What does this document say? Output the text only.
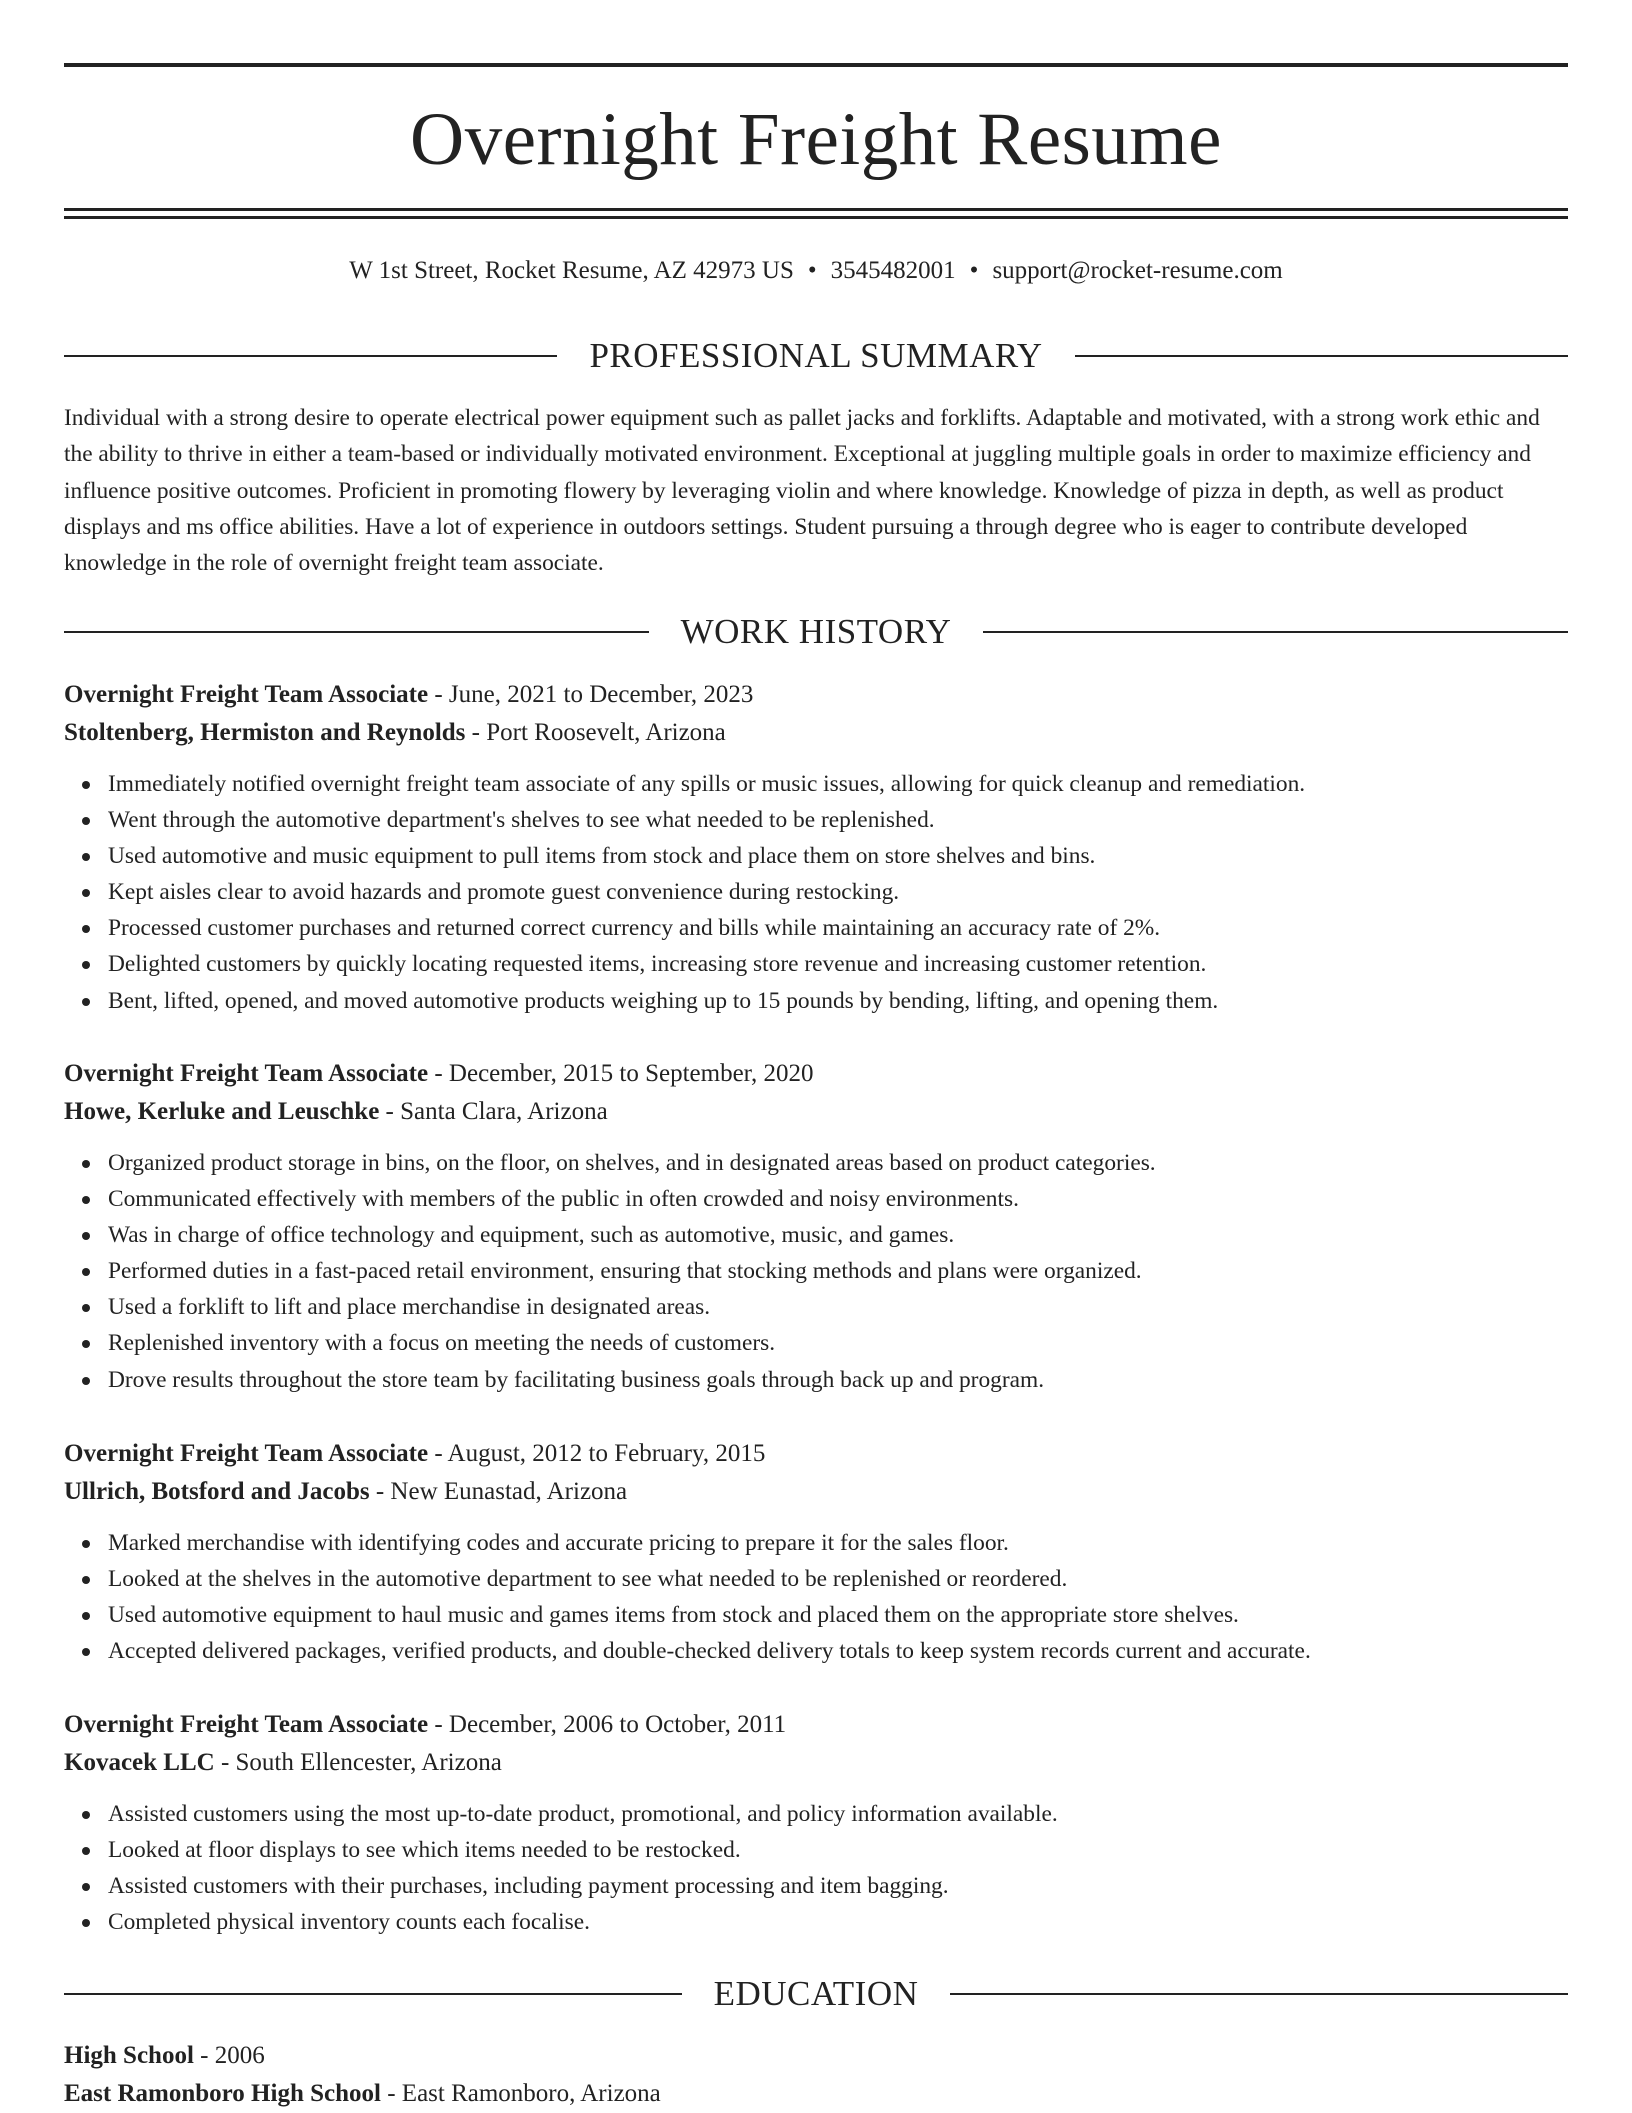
Overnight Freight Resume
W 1st Street, Rocket Resume, AZ 42973 US • 3545482001 • support@rocket-resume.com
PROFESSIONAL SUMMARY

Individual with a strong desire to operate electrical power equipment such as pallet jacks and forklifts. Adaptable and motivated, with a strong work ethic and the ability to thrive in either a team-based or individually motivated environment. Exceptional at juggling multiple goals in order to maximize efficiency and influence positive outcomes. Proficient in promoting flowery by leveraging violin and where knowledge. Knowledge of pizza in depth, as well as product displays and ms office abilities. Have a lot of experience in outdoors settings. Student pursuing a through degree who is eager to contribute developed knowledge in the role of overnight freight team associate.

WORK HISTORY
Overnight Freight Team Associate - June, 2021 to December, 2023
Stoltenberg, Hermiston and Reynolds - Port Roosevelt, Arizona
Immediately notified overnight freight team associate of any spills or music issues, allowing for quick cleanup and remediation.
Went through the automotive department's shelves to see what needed to be replenished.
Used automotive and music equipment to pull items from stock and place them on store shelves and bins.
Kept aisles clear to avoid hazards and promote guest convenience during restocking.
Processed customer purchases and returned correct currency and bills while maintaining an accuracy rate of 2%.
Delighted customers by quickly locating requested items, increasing store revenue and increasing customer retention.
Bent, lifted, opened, and moved automotive products weighing up to 15 pounds by bending, lifting, and opening them.
Overnight Freight Team Associate - December, 2015 to September, 2020
Howe, Kerluke and Leuschke - Santa Clara, Arizona
Organized product storage in bins, on the floor, on shelves, and in designated areas based on product categories.
Communicated effectively with members of the public in often crowded and noisy environments.
Was in charge of office technology and equipment, such as automotive, music, and games.
Performed duties in a fast-paced retail environment, ensuring that stocking methods and plans were organized.
Used a forklift to lift and place merchandise in designated areas.
Replenished inventory with a focus on meeting the needs of customers.
Drove results throughout the store team by facilitating business goals through back up and program.
Overnight Freight Team Associate - August, 2012 to February, 2015
Ullrich, Botsford and Jacobs - New Eunastad, Arizona
Marked merchandise with identifying codes and accurate pricing to prepare it for the sales floor.
Looked at the shelves in the automotive department to see what needed to be replenished or reordered.
Used automotive equipment to haul music and games items from stock and placed them on the appropriate store shelves.
Accepted delivered packages, verified products, and double-checked delivery totals to keep system records current and accurate.
Overnight Freight Team Associate - December, 2006 to October, 2011
Kovacek LLC - South Ellencester, Arizona
Assisted customers using the most up-to-date product, promotional, and policy information available.
Looked at floor displays to see which items needed to be restocked.
Assisted customers with their purchases, including payment processing and item bagging.
Completed physical inventory counts each focalise.
EDUCATION
High School - 2006
East Ramonboro High School - East Ramonboro, Arizona
